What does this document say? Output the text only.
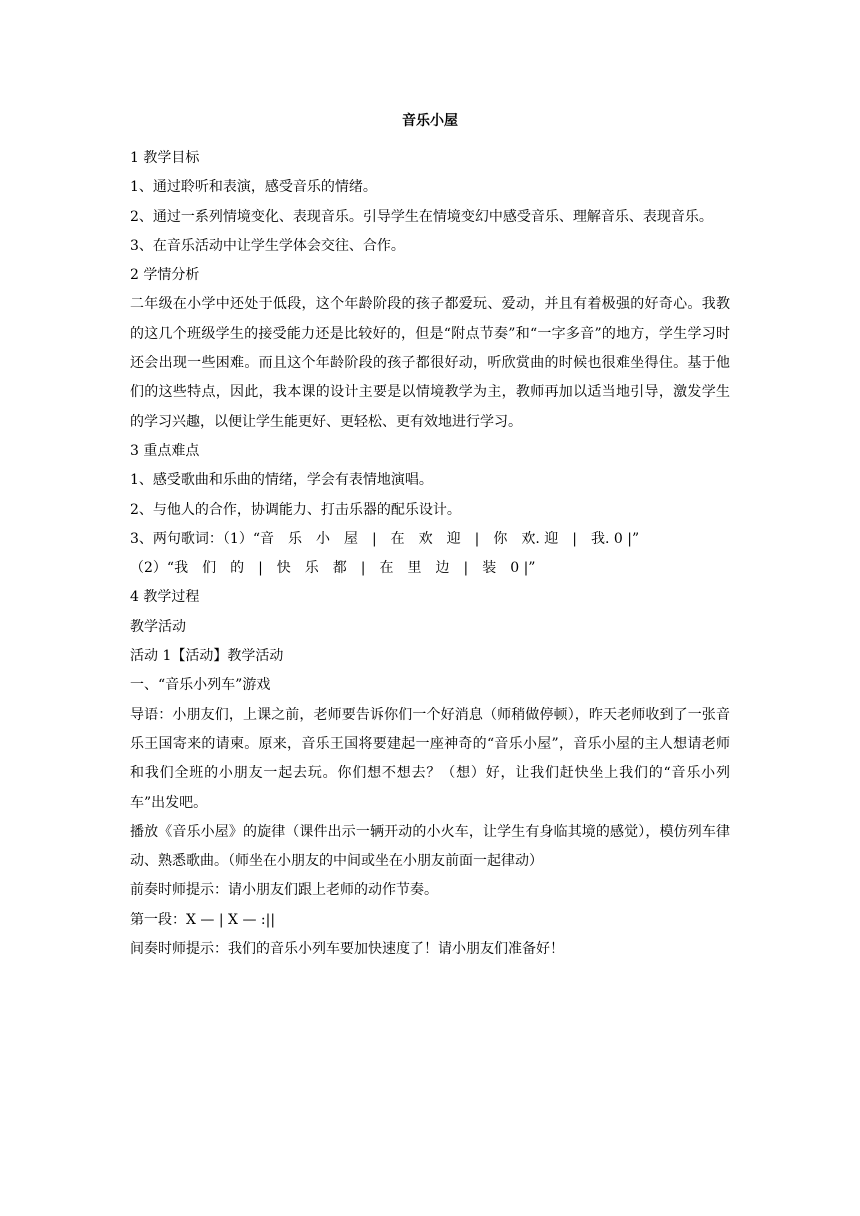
音乐小屋

1 教学目标

1、通过聆听和表演，感受音乐的情绪。

2、通过一系列情境变化、表现音乐。引导学生在情境变幻中感受音乐、理解音乐、表现音乐。

3、在音乐活动中让学生学体会交往、合作。

2 学情分析

二年级在小学中还处于低段，这个年龄阶段的孩子都爱玩、爱动，并且有着极强的好奇心。我教的这几个班级学生的接受能力还是比较好的，但是“附点节奏”和“一字多音”的地方，学生学习时还会出现一些困难。而且这个年龄阶段的孩子都很好动，听欣赏曲的时候也很难坐得住。基于他们的这些特点，因此，我本课的设计主要是以情境教学为主，教师再加以适当地引导，激发学生的学习兴趣，以便让学生能更好、更轻松、更有效地进行学习。

3 重点难点

1、感受歌曲和乐曲的情绪，学会有表情地演唱。

2、与他人的合作，协调能力、打击乐器的配乐设计。

3、两句歌词：（1）“音　乐　小　屋　|　在　欢　迎　|　你　欢. 迎　|　我. 0 |”

（2）“我　们　的　|　快　乐　都　|　在　里　边　|　装　0 |”

4 教学过程

教学活动

活动 1【活动】教学活动

一、“音乐小列车”游戏

导语：小朋友们，上课之前，老师要告诉你们一个好消息（师稍做停顿），昨天老师收到了一张音乐王国寄来的请柬。原来，音乐王国将要建起一座神奇的“音乐小屋”，音乐小屋的主人想请老师和我们全班的小朋友一起去玩。你们想不想去？（想）好，让我们赶快坐上我们的“音乐小列车”出发吧。

播放《音乐小屋》的旋律（课件出示一辆开动的小火车，让学生有身临其境的感觉），模仿列车律动、熟悉歌曲。（师坐在小朋友的中间或坐在小朋友前面一起律动）

前奏时师提示：请小朋友们跟上老师的动作节奏。

第一段：X — | X — :||

间奏时师提示：我们的音乐小列车要加快速度了！请小朋友们准备好！
